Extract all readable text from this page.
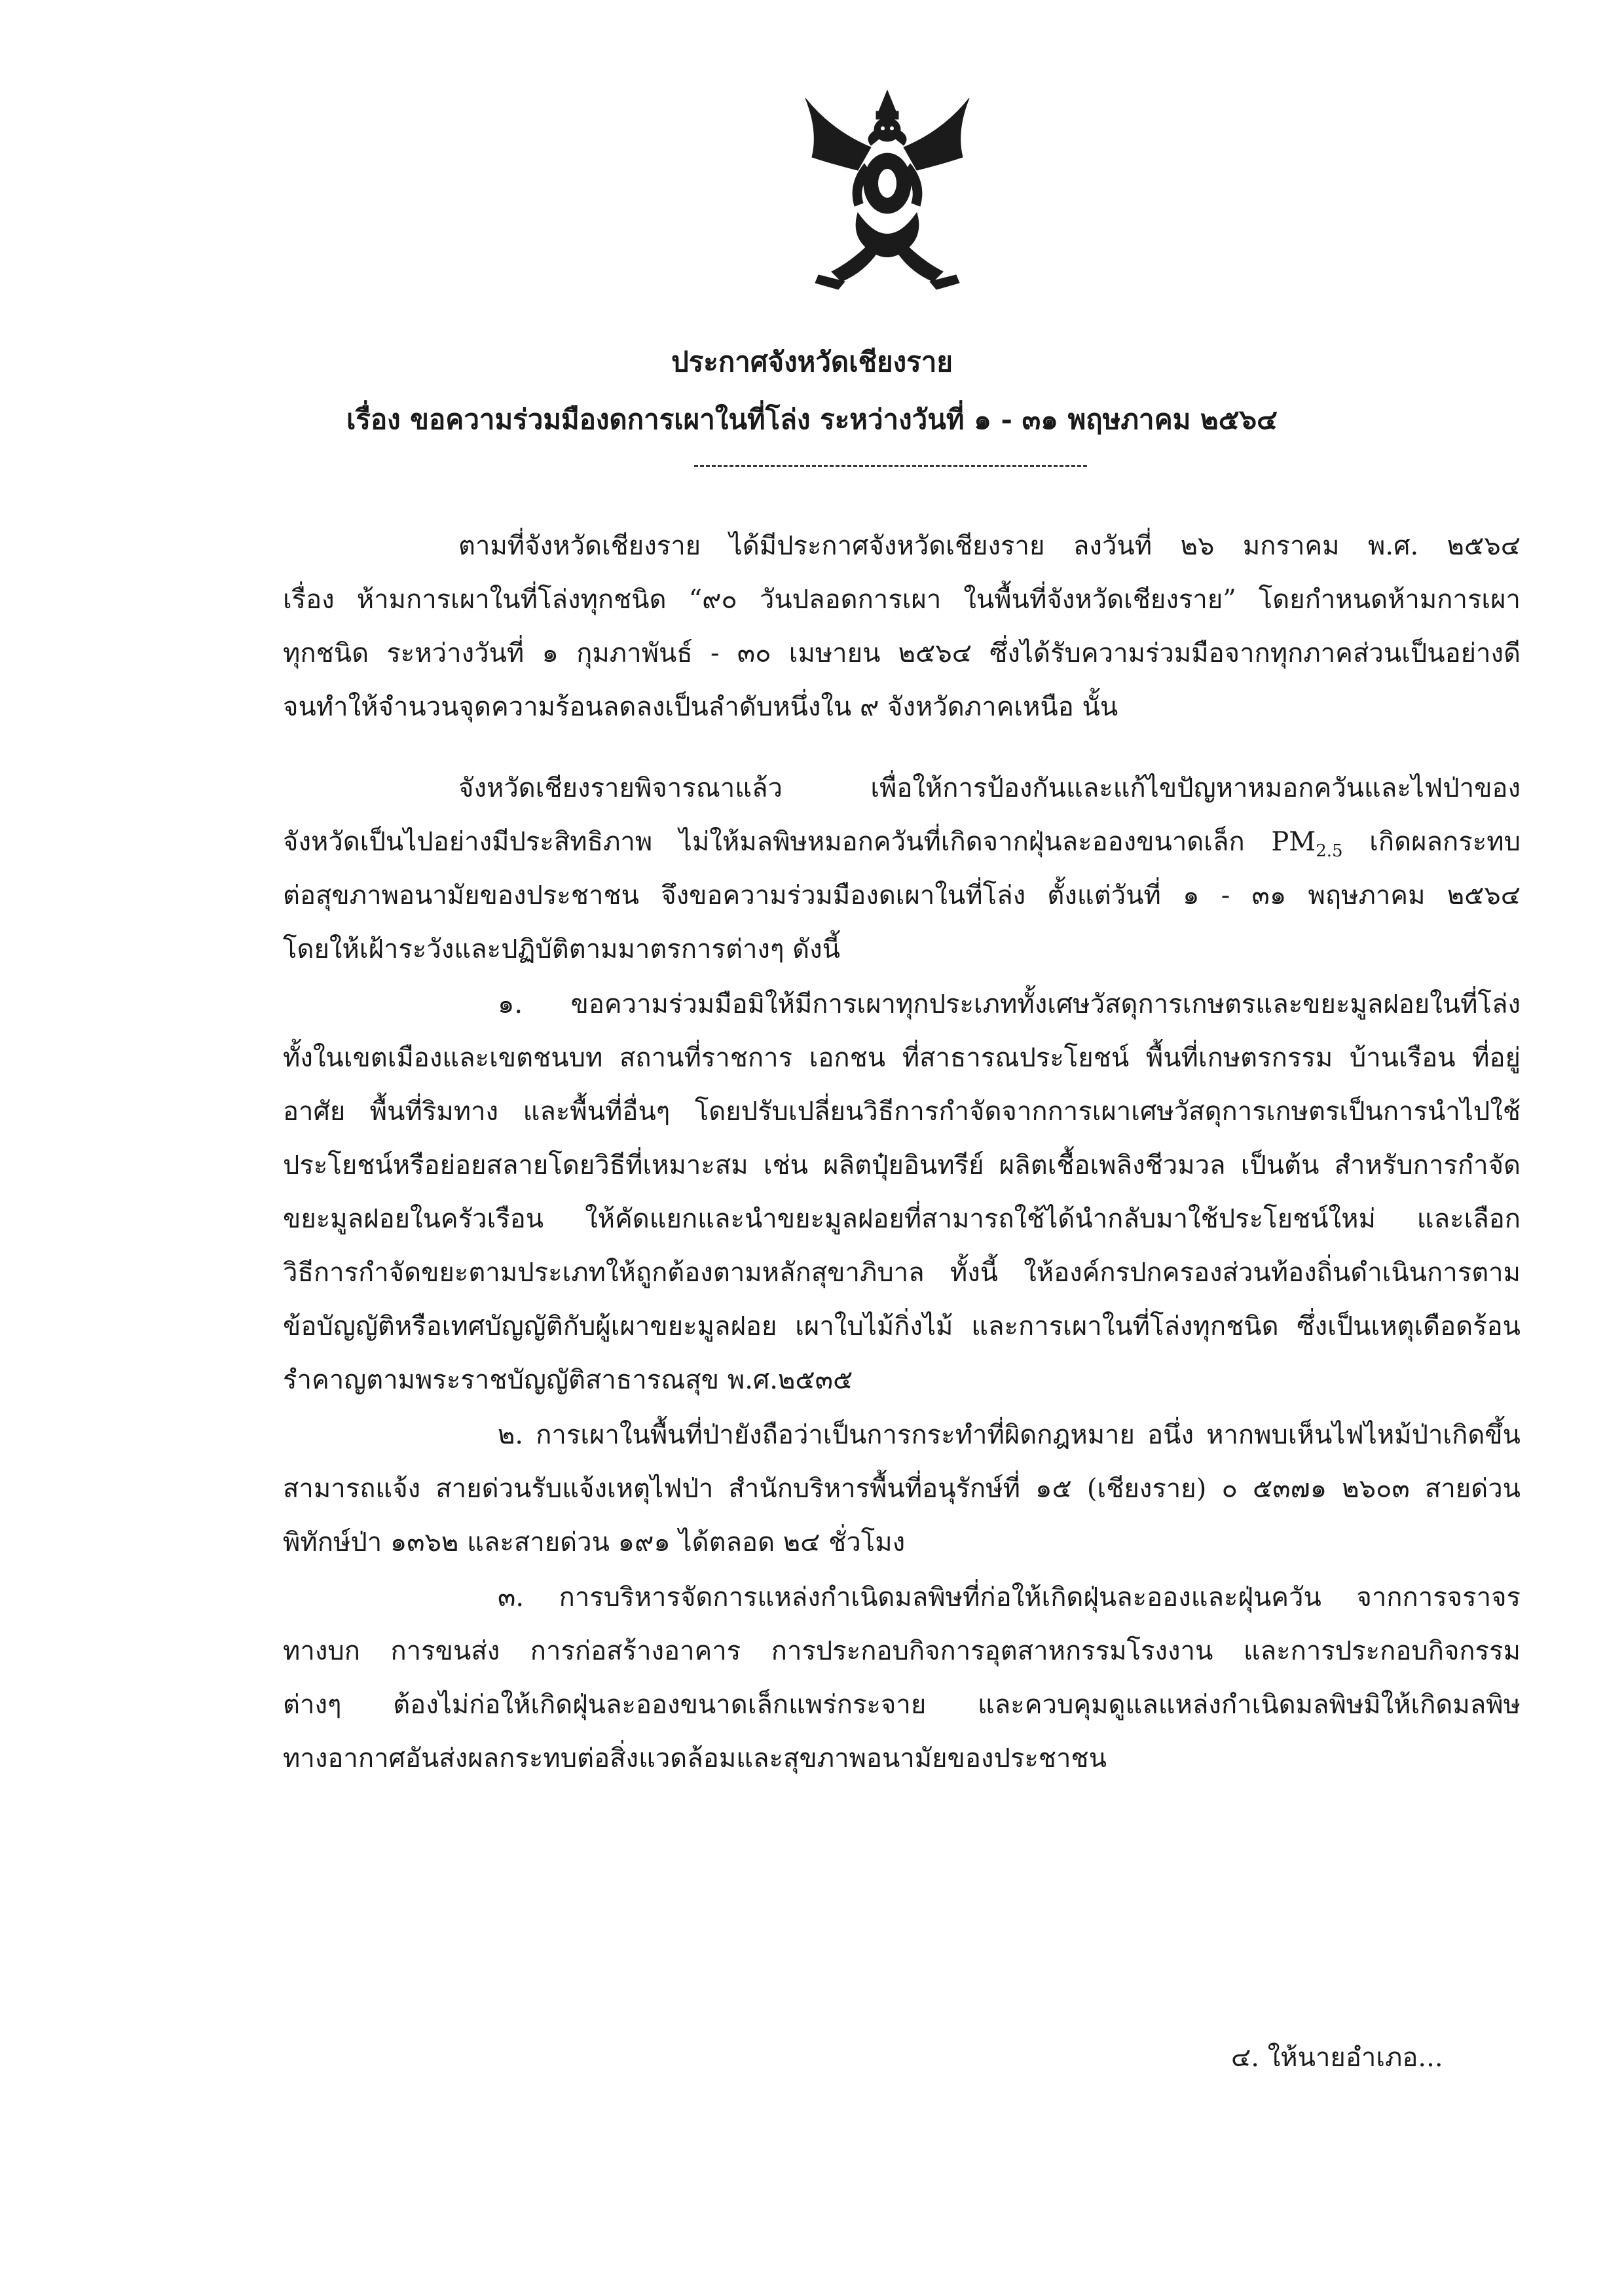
ประกาศจังหวัดเชียงราย
เรื่อง ขอความร่วมมืองดการเผาในที่โล่ง ระหว่างวันที่ ๑ - ๓๑ พฤษภาคม ๒๕๖๔
ตามที่จังหวัดเชียงราย ได้มีประกาศจังหวัดเชียงราย ลงวันที่ ๒๖ มกราคม พ.ศ. ๒๕๖๔
เรื่อง ห้ามการเผาในที่โล่งทุกชนิด “๙๐ วันปลอดการเผา ในพื้นที่จังหวัดเชียงราย” โดยกำหนดห้ามการเผา
ทุกชนิด ระหว่างวันที่ ๑ กุมภาพันธ์ - ๓๐ เมษายน ๒๕๖๔ ซึ่งได้รับความร่วมมือจากทุกภาคส่วนเป็นอย่างดี
จนทำให้จำนวนจุดความร้อนลดลงเป็นลำดับหนึ่งใน ๙ จังหวัดภาคเหนือ นั้น
จังหวัดเชียงรายพิจารณาแล้ว เพื่อให้การป้องกันและแก้ไขปัญหาหมอกควันและไฟป่าของ
จังหวัดเป็นไปอย่างมีประสิทธิภาพ ไม่ให้มลพิษหมอกควันที่เกิดจากฝุ่นละอองขนาดเล็ก $PM_{2.5}$ เกิดผลกระทบ
ต่อสุขภาพอนามัยของประชาชน จึงขอความร่วมมืองดเผาในที่โล่ง ตั้งแต่วันที่ ๑ - ๓๑ พฤษภาคม ๒๕๖๔
โดยให้เฝ้าระวังและปฏิบัติตามมาตรการต่างๆ ดังนี้
๑. ขอความร่วมมือมิให้มีการเผาทุกประเภททั้งเศษวัสดุการเกษตรและขยะมูลฝอยในที่โล่ง
ทั้งในเขตเมืองและเขตชนบท สถานที่ราชการ เอกชน ที่สาธารณประโยชน์ พื้นที่เกษตรกรรม บ้านเรือน ที่อยู่
อาศัย พื้นที่ริมทาง และพื้นที่อื่นๆ โดยปรับเปลี่ยนวิธีการกำจัดจากการเผาเศษวัสดุการเกษตรเป็นการนำไปใช้
ประโยชน์หรือย่อยสลายโดยวิธีที่เหมาะสม เช่น ผลิตปุ๋ยอินทรีย์ ผลิตเชื้อเพลิงชีวมวล เป็นต้น สำหรับการกำจัด
ขยะมูลฝอยในครัวเรือน ให้คัดแยกและนำขยะมูลฝอยที่สามารถใช้ได้นำกลับมาใช้ประโยชน์ใหม่ และเลือก
วิธีการกำจัดขยะตามประเภทให้ถูกต้องตามหลักสุขาภิบาล ทั้งนี้ ให้องค์กรปกครองส่วนท้องถิ่นดำเนินการตาม
ข้อบัญญัติหรือเทศบัญญัติกับผู้เผาขยะมูลฝอย เผาใบไม้กิ่งไม้ และการเผาในที่โล่งทุกชนิด ซึ่งเป็นเหตุเดือดร้อน
รำคาญตามพระราชบัญญัติสาธารณสุข พ.ศ.๒๕๓๕
๒. การเผาในพื้นที่ป่ายังถือว่าเป็นการกระทำที่ผิดกฎหมาย อนึ่ง หากพบเห็นไฟไหม้ป่าเกิดขึ้น
สามารถแจ้ง สายด่วนรับแจ้งเหตุไฟป่า สำนักบริหารพื้นที่อนุรักษ์ที่ ๑๕ (เชียงราย) ๐ ๕๓๗๑ ๒๖๐๓ สายด่วน
พิทักษ์ป่า ๑๓๖๒ และสายด่วน ๑๙๑ ได้ตลอด ๒๔ ชั่วโมง
๓. การบริหารจัดการแหล่งกำเนิดมลพิษที่ก่อให้เกิดฝุ่นละอองและฝุ่นควัน จากการจราจร
ทางบก การขนส่ง การก่อสร้างอาคาร การประกอบกิจการอุตสาหกรรมโรงงาน และการประกอบกิจกรรม
ต่างๆ ต้องไม่ก่อให้เกิดฝุ่นละอองขนาดเล็กแพร่กระจาย และควบคุมดูแลแหล่งกำเนิดมลพิษมิให้เกิดมลพิษ
ทางอากาศอันส่งผลกระทบต่อสิ่งแวดล้อมและสุขภาพอนามัยของประชาชน
๔. ให้นายอำเภอ...
